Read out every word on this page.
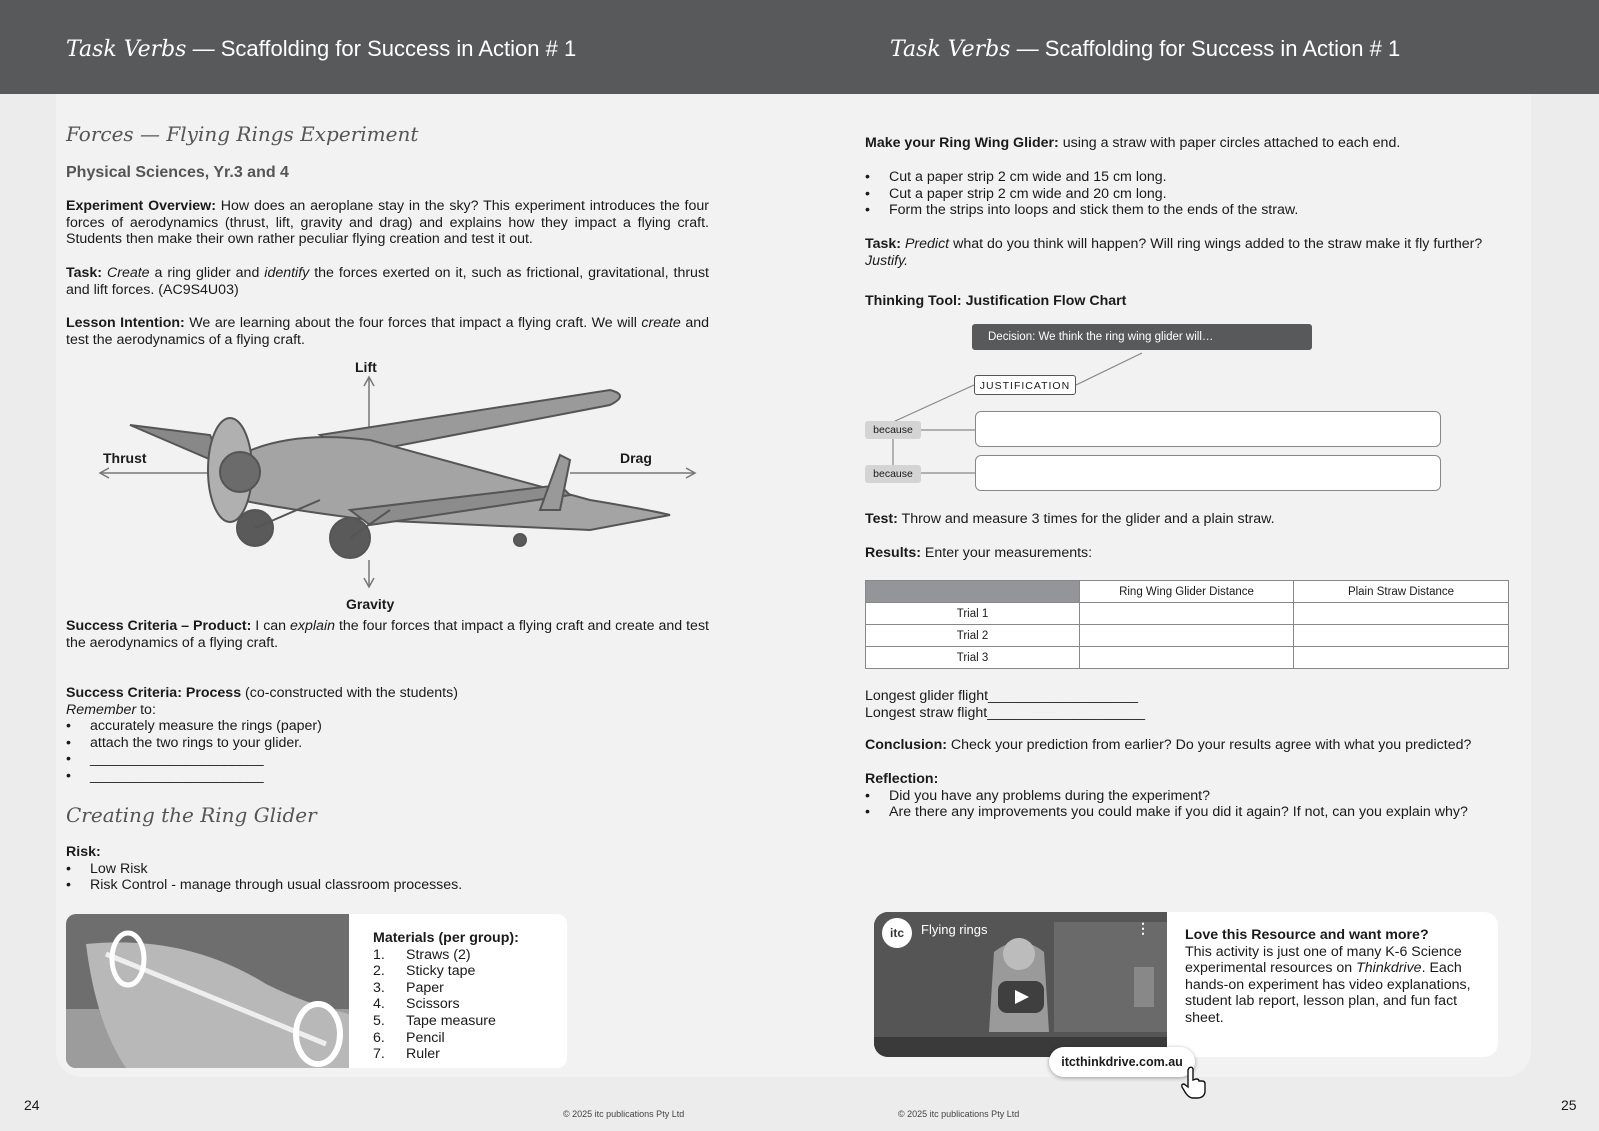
Task Verbs — Scaffolding for Success in Action # 1	Task Verbs — Scaffolding for Success in Action # 1
Forces — Flying Rings Experiment
Physical Sciences, Yr.3 and 4

Experiment Overview: How does an aeroplane stay in the sky? This experiment introduces the four forces of aerodynamics (thrust, lift, gravity and drag) and explains how they impact a flying craft. Students then make their own rather peculiar flying creation and test it out.

Task: Create a ring glider and identify the forces exerted on it, such as frictional, gravitational, thrust and lift forces. (AC9S4U03)

Lesson Intention: We are learning about the four forces that impact a flying craft. We will create and test the aerodynamics of a flying craft.

Lift
Thrust	Drag
Gravity

Success Criteria – Product: I can explain the four forces that impact a flying craft and create and test the aerodynamics of a flying craft.

Success Criteria: Process (co-constructed with the students)

Remember to:

• accurately measure the rings (paper)
• attach the two rings to your glider.
• ______________________
• ______________________
Creating the Ring Glider

Risk:

• Low Risk
• Risk Control - manage through usual classroom processes.

Materials (per group):

1.	Straws (2)
2.	Sticky tape
3.	Paper
4.	Scissors
5.	Tape measure
6.	Pencil
7.	Ruler

Make your Ring Wing Glider: using a straw with paper circles attached to each end.

• Cut a paper strip 2 cm wide and 15 cm long.
• Cut a paper strip 2 cm wide and 20 cm long.
• Form the strips into loops and stick them to the ends of the straw.

Task: Predict what do you think will happen? Will ring wings added to the straw make it fly further? Justify.

Thinking Tool: Justification Flow Chart
Decision: We think the ring wing glider will…
JUSTIFICATION
because
because

Test: Throw and measure 3 times for the glider and a plain straw.

Results: Enter your measurements:

	Ring Wing Glider Distance	Plain Straw Distance
Trial 1		
Trial 2		
Trial 3		

Longest glider flight___________________

Longest straw flight____________________

Conclusion: Check your prediction from earlier? Do your results agree with what you predicted?

Reflection:

• Did you have any problems during the experiment?
• Are there any improvements you could make if you did it again? If not, can you explain why?
itc	Flying rings	⋮ Love this Resource and want more?

This activity is just one of many K-6 Science experimental resources on Thinkdrive. Each hands-on experiment has video explanations, student lab report, lesson plan, and fun fact sheet.

itcthinkdrive.com.au
24	25
© 2025 itc publications Pty Ltd	© 2025 itc publications Pty Ltd
